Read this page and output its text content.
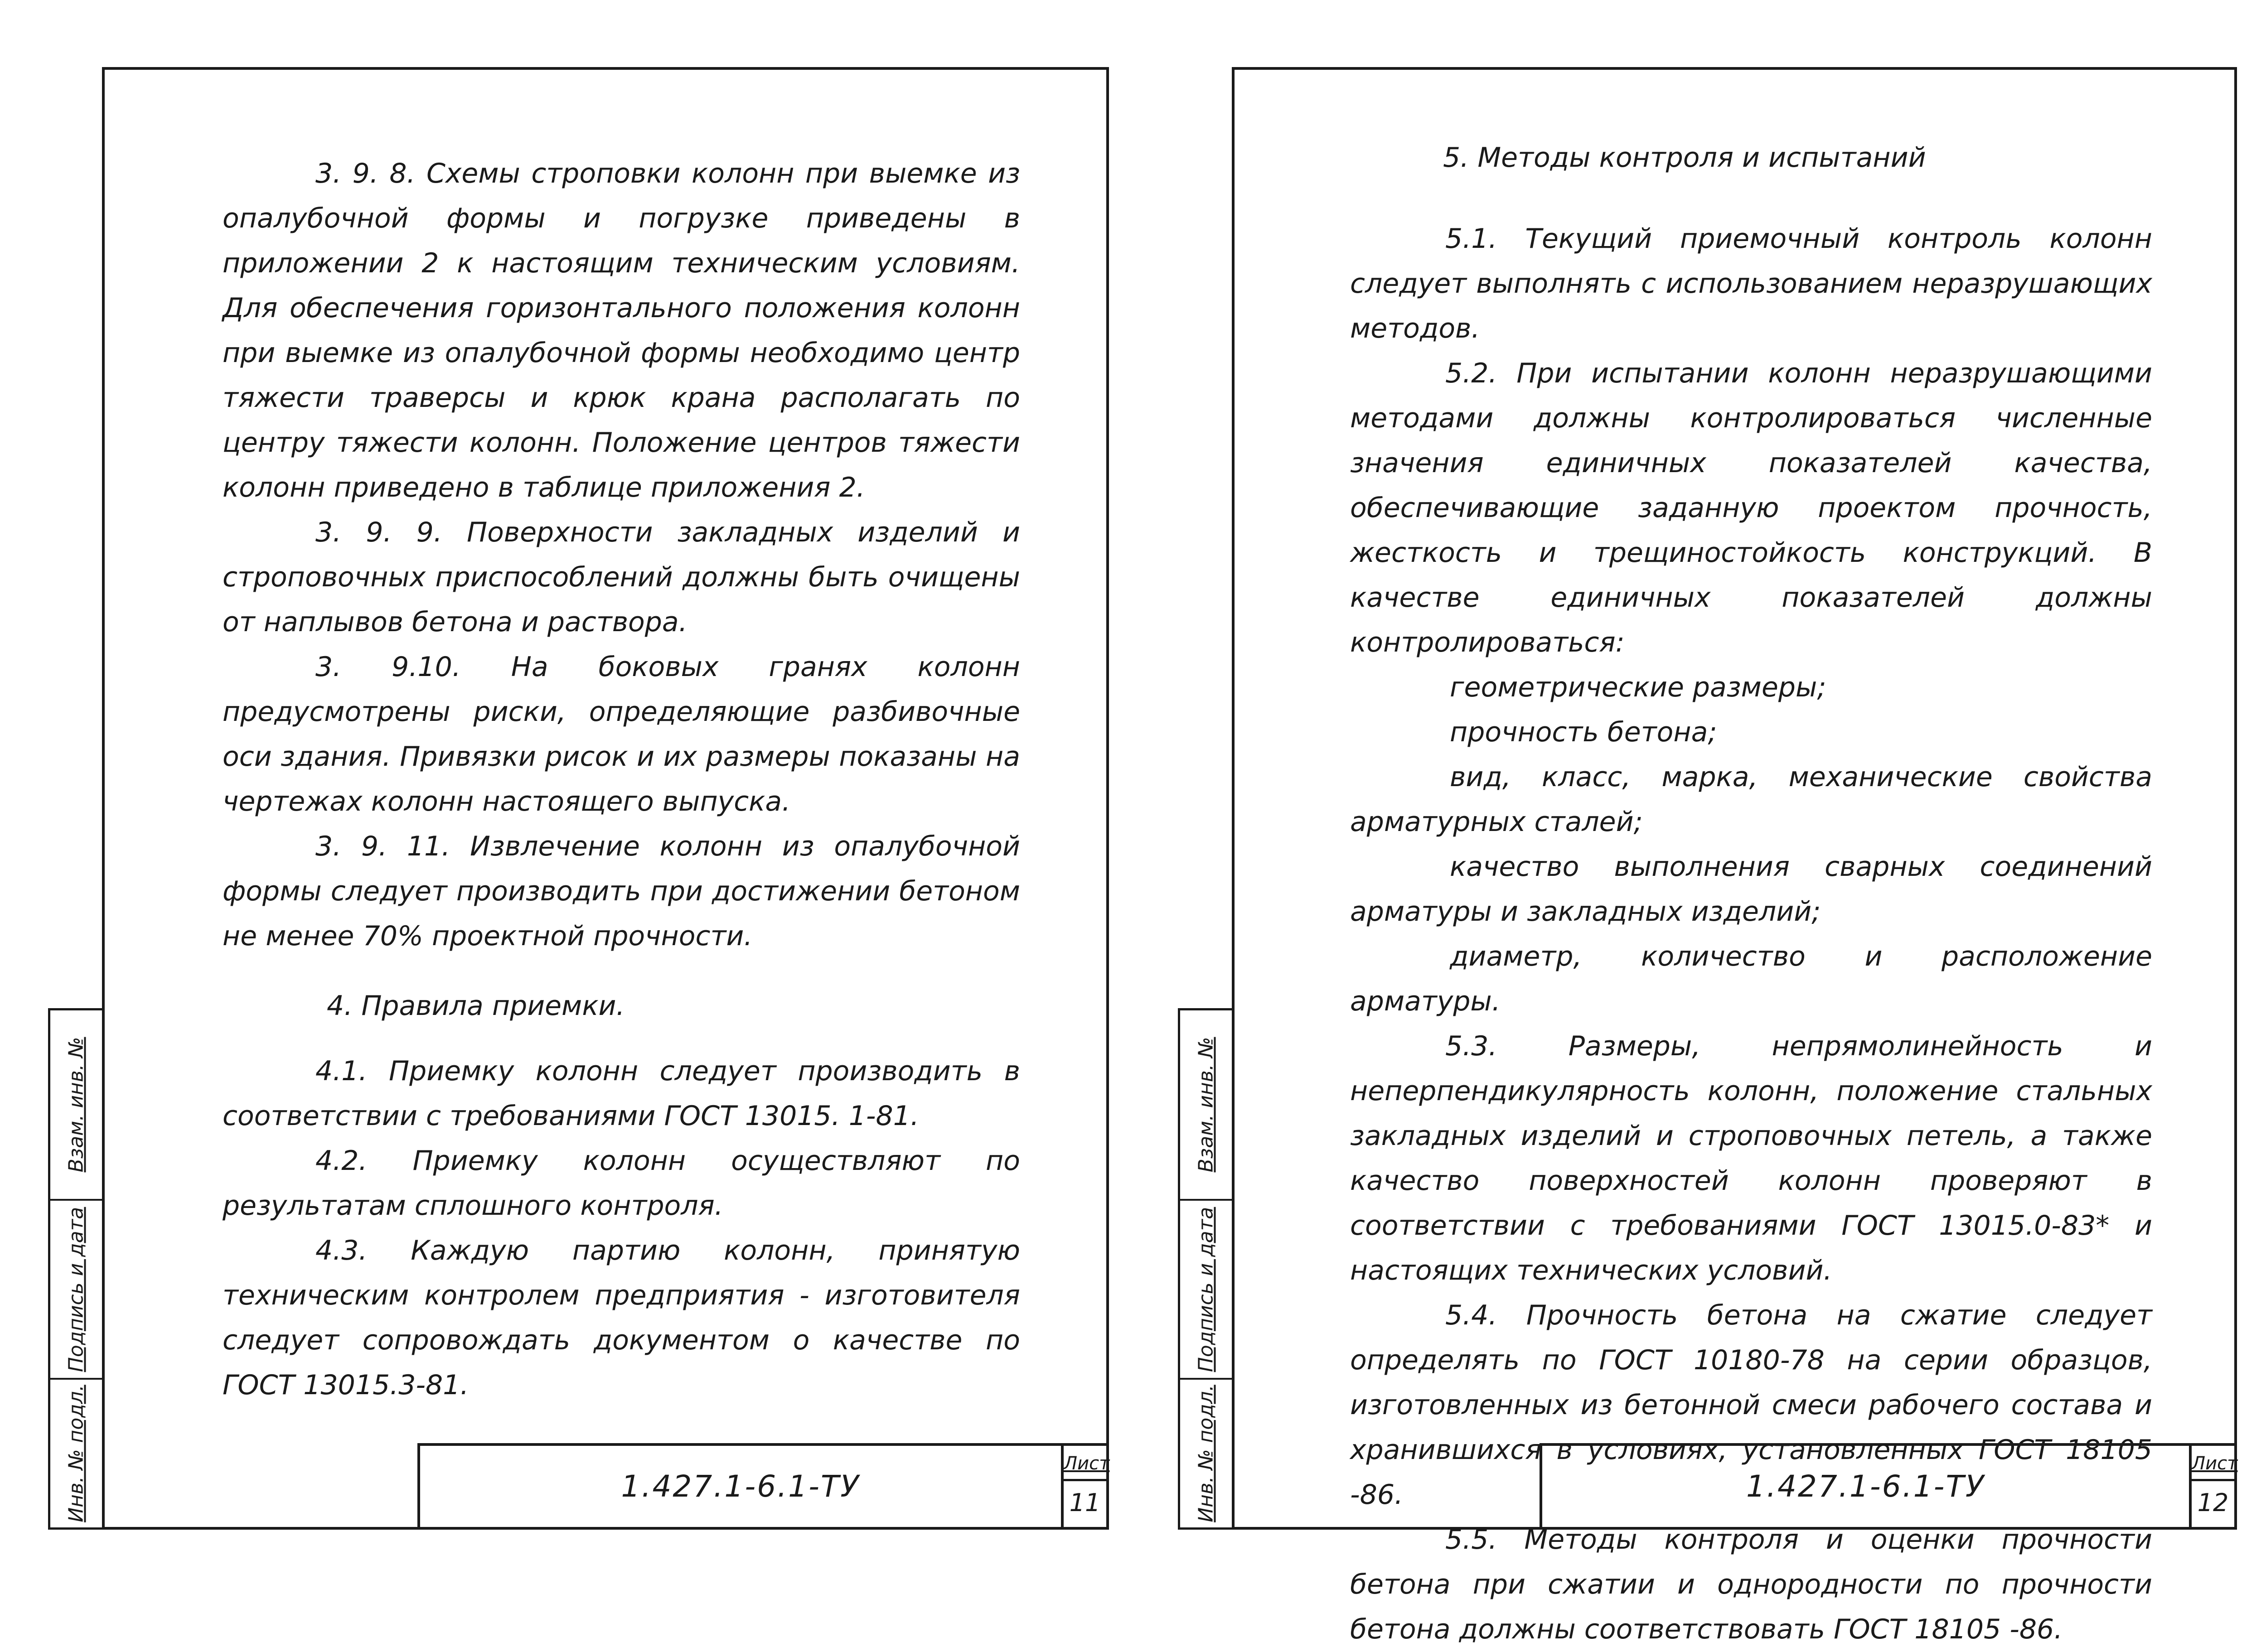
Взам. инв. №
Подпись и дата
Инв. № подл.

3. 9. 8. Схемы строповки колонн при выемке из опалубочной формы и погрузке приведены в приложении 2 к настоящим техническим условиям. Для обеспечения горизонтального положения колонн при выемке из опалубочной формы необходимо центр тяжести траверсы и крюк крана располагать по центру тяжести колонн. Положение центров тяжести колонн приведено в таблице приложения 2.

3. 9. 9. Поверхности закладных изделий и строповочных приспособлений должны быть очищены от наплывов бетона и раствора.

3. 9.10. На боковых гранях колонн предусмотрены риски, определяющие разбивочные оси здания. Привязки рисок и их размеры показаны на чертежах колонн настоящего выпуска.

3. 9. 11. Извлечение колонн из опалубочной формы следует производить при достижении бетоном не менее 70% проектной прочности.

4. Правила приемки.

4.1. Приемку колонн следует производить в соответствии с требованиями ГОСТ 13015. 1-81.

4.2. Приемку колонн осуществляют по результатам сплошного контроля.

4.3. Каждую партию колонн, принятую техническим контролем предприятия - изготовителя следует сопровождать документом о качестве по ГОСТ 13015.3-81.

1.427.1-6.1-ТУ
Лист
11
Взам. инв. №
Подпись и дата
Инв. № подл.

5. Методы контроля и испытаний

5.1. Текущий приемочный контроль колонн следует выполнять с использованием неразрушающих методов.

5.2. При испытании колонн неразрушающими методами должны контролироваться численные значения единичных показателей качества, обеспечивающие заданную проектом прочность, жесткость и трещиностойкость конструкций. В качестве единичных показателей должны контролироваться:

геометрические размеры;

прочность бетона;

вид, класс, марка, механические свойства арматурных сталей;

качество выполнения сварных соединений арматуры и закладных изделий;

диаметр, количество и расположение арматуры.

5.3. Размеры, непрямолинейность и неперпендикулярность колонн, положение стальных закладных изделий и строповочных петель, а также качество поверхностей колонн проверяют в соответствии с требованиями ГОСТ 13015.0-83* и настоящих технических условий.

5.4. Прочность бетона на сжатие следует определять по ГОСТ 10180-78 на серии образцов, изготовленных из бетонной смеси рабочего состава и хранившихся в условиях, установленных ГОСТ 18105 -86.

5.5. Методы контроля и оценки прочности бетона при сжатии и однородности по прочности бетона должны соответствовать ГОСТ 18105 -86.

1.427.1-6.1-ТУ
Лист
12
